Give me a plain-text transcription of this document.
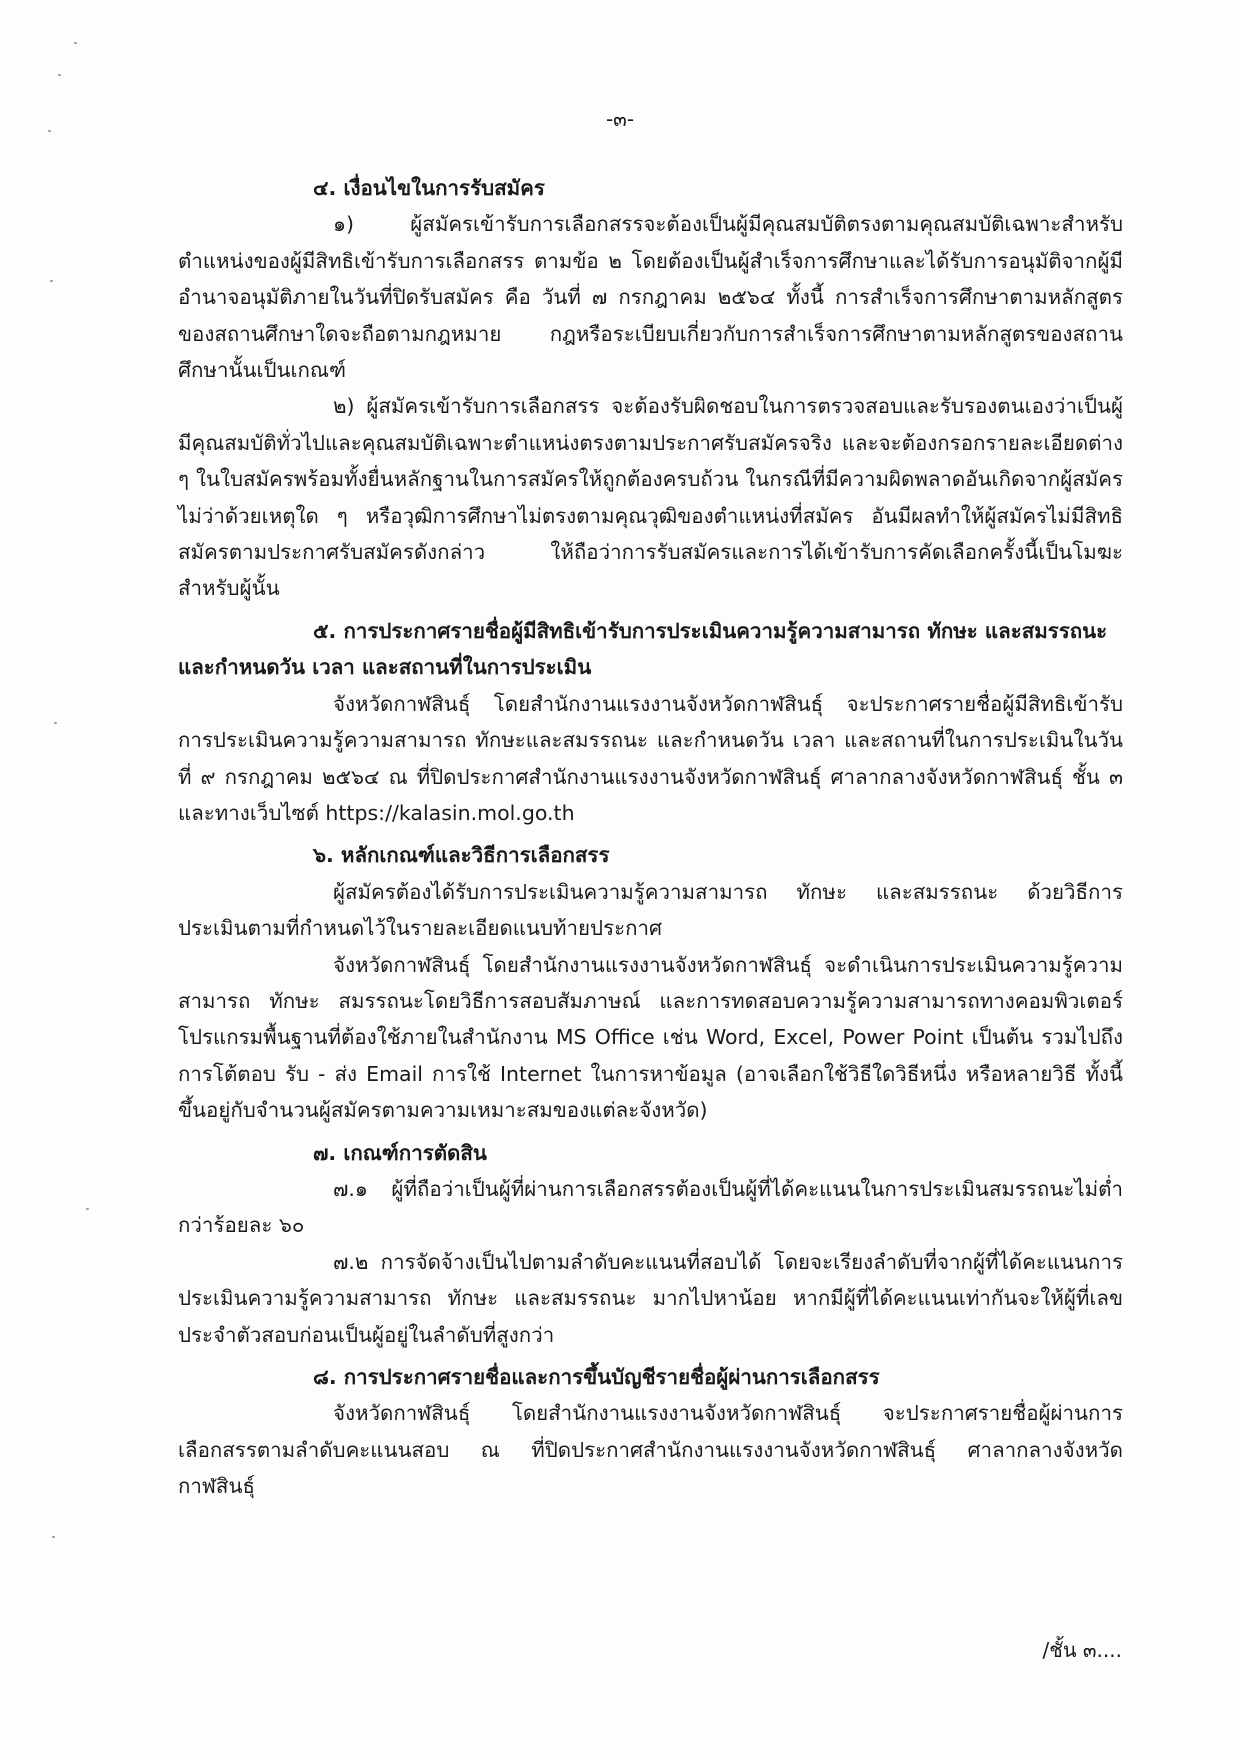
-๓-

๔. เงื่อนไขในการรับสมัคร

๑) ผู้สมัครเข้ารับการเลือกสรรจะต้องเป็นผู้มีคุณสมบัติตรงตามคุณสมบัติเฉพาะสำหรับตำแหน่งของผู้มีสิทธิเข้ารับการเลือกสรร ตามข้อ ๒ โดยต้องเป็นผู้สำเร็จการศึกษาและได้รับการอนุมัติจากผู้มีอำนาจอนุมัติภายในวันที่ปิดรับสมัคร คือ วันที่ ๗ กรกฎาคม ๒๕๖๔ ทั้งนี้ การสำเร็จการศึกษาตามหลักสูตรของสถานศึกษาใดจะถือตามกฎหมาย กฎหรือระเบียบเกี่ยวกับการสำเร็จการศึกษาตามหลักสูตรของสถานศึกษานั้นเป็นเกณฑ์

๒) ผู้สมัครเข้ารับการเลือกสรร จะต้องรับผิดชอบในการตรวจสอบและรับรองตนเองว่าเป็นผู้มีคุณสมบัติทั่วไปและคุณสมบัติเฉพาะตำแหน่งตรงตามประกาศรับสมัครจริง และจะต้องกรอกรายละเอียดต่าง ๆ ในใบสมัครพร้อมทั้งยื่นหลักฐานในการสมัครให้ถูกต้องครบถ้วน ในกรณีที่มีความผิดพลาดอันเกิดจากผู้สมัคร ไม่ว่าด้วยเหตุใด ๆ หรือวุฒิการศึกษาไม่ตรงตามคุณวุฒิของตำแหน่งที่สมัคร อันมีผลทำให้ผู้สมัครไม่มีสิทธิสมัครตามประกาศรับสมัครดังกล่าว ให้ถือว่าการรับสมัครและการได้เข้ารับการคัดเลือกครั้งนี้เป็นโมฆะสำหรับผู้นั้น

๕. การประกาศรายชื่อผู้มีสิทธิเข้ารับการประเมินความรู้ความสามารถ ทักษะ และสมรรถนะ

และกำหนดวัน เวลา และสถานที่ในการประเมิน

จังหวัดกาฬสินธุ์ โดยสำนักงานแรงงานจังหวัดกาฬสินธุ์ จะประกาศรายชื่อผู้มีสิทธิเข้ารับการประเมินความรู้ความสามารถ ทักษะและสมรรถนะ และกำหนดวัน เวลา และสถานที่ในการประเมินในวันที่ ๙ กรกฎาคม ๒๕๖๔ ณ ที่ปิดประกาศสำนักงานแรงงานจังหวัดกาฬสินธุ์ ศาลากลางจังหวัดกาฬสินธุ์ ชั้น ๓ และทางเว็บไซต์ https://kalasin.mol.go.th

๖. หลักเกณฑ์และวิธีการเลือกสรร

ผู้สมัครต้องได้รับการประเมินความรู้ความสามารถ ทักษะ และสมรรถนะ ด้วยวิธีการประเมินตามที่กำหนดไว้ในรายละเอียดแนบท้ายประกาศ

จังหวัดกาฬสินธุ์ โดยสำนักงานแรงงานจังหวัดกาฬสินธุ์ จะดำเนินการประเมินความรู้ความสามารถ ทักษะ สมรรถนะโดยวิธีการสอบสัมภาษณ์ และการทดสอบความรู้ความสามารถทางคอมพิวเตอร์โปรแกรมพื้นฐานที่ต้องใช้ภายในสำนักงาน MS Office เช่น Word, Excel, Power Point เป็นต้น รวมไปถึงการโต้ตอบ รับ - ส่ง Email การใช้ Internet ในการหาข้อมูล (อาจเลือกใช้วิธีใดวิธีหนึ่ง หรือหลายวิธี ทั้งนี้ ขึ้นอยู่กับจำนวนผู้สมัครตามความเหมาะสมของแต่ละจังหวัด)

๗. เกณฑ์การตัดสิน

๗.๑ ผู้ที่ถือว่าเป็นผู้ที่ผ่านการเลือกสรรต้องเป็นผู้ที่ได้คะแนนในการประเมินสมรรถนะไม่ต่ำกว่าร้อยละ ๖๐

๗.๒ การจัดจ้างเป็นไปตามลำดับคะแนนที่สอบได้ โดยจะเรียงลำดับที่จากผู้ที่ได้คะแนนการประเมินความรู้ความสามารถ ทักษะ และสมรรถนะ มากไปหาน้อย หากมีผู้ที่ได้คะแนนเท่ากันจะให้ผู้ที่เลขประจำตัวสอบก่อนเป็นผู้อยู่ในลำดับที่สูงกว่า

๘. การประกาศรายชื่อและการขึ้นบัญชีรายชื่อผู้ผ่านการเลือกสรร

จังหวัดกาฬสินธุ์ โดยสำนักงานแรงงานจังหวัดกาฬสินธุ์ จะประกาศรายชื่อผู้ผ่านการเลือกสรรตามลำดับคะแนนสอบ ณ ที่ปิดประกาศสำนักงานแรงงานจังหวัดกาฬสินธุ์ ศาลากลางจังหวัดกาฬสินธุ์

/ชั้น ๓....
